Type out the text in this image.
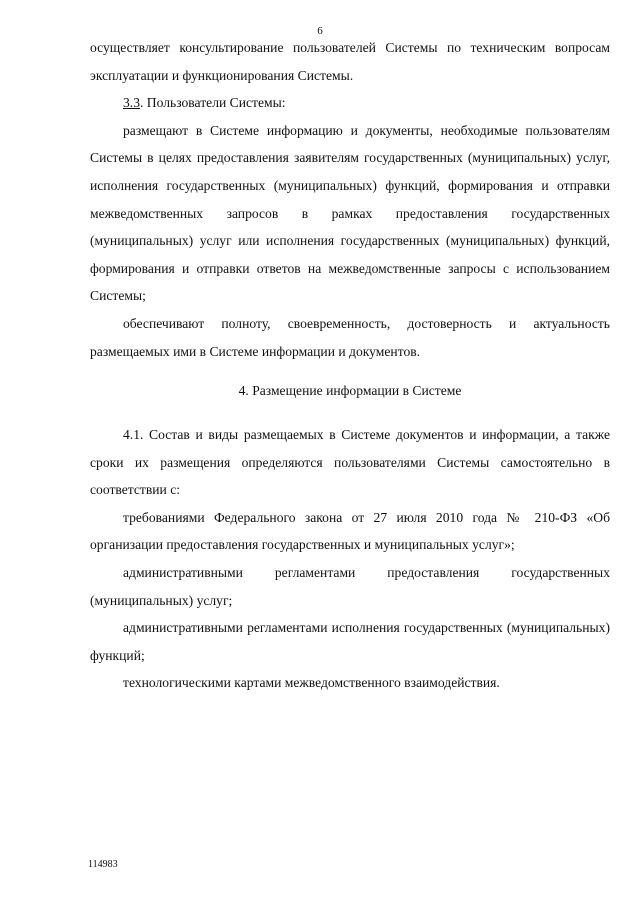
6

осуществляет консультирование пользователей Системы по техническим вопросам эксплуатации и функционирования Системы.

3.3. Пользователи Системы:

размещают в Системе информацию и документы, необходимые пользователям Системы в целях предоставления заявителям государственных (муниципальных) услуг, исполнения государственных (муниципальных) функций, формирования и отправки межведомственных запросов в рамках предоставления государственных (муниципальных) услуг или исполнения государственных (муниципальных) функций, формирования и отправки ответов на межведомственные запросы с использованием Системы;

обеспечивают полноту, своевременность, достоверность и актуальность размещаемых ими в Системе информации и документов.

4. Размещение информации в Системе

4.1. Состав и виды размещаемых в Системе документов и информации, а также сроки их размещения определяются пользователями Системы самостоятельно в соответствии с:

требованиями Федерального закона от 27 июля 2010 года № 210-ФЗ «Об организации предоставления государственных и муниципальных услуг»;

административными регламентами предоставления государственных (муниципальных) услуг;

административными регламентами исполнения государственных (муниципальных) функций;

технологическими картами межведомственного взаимодействия.

114983
